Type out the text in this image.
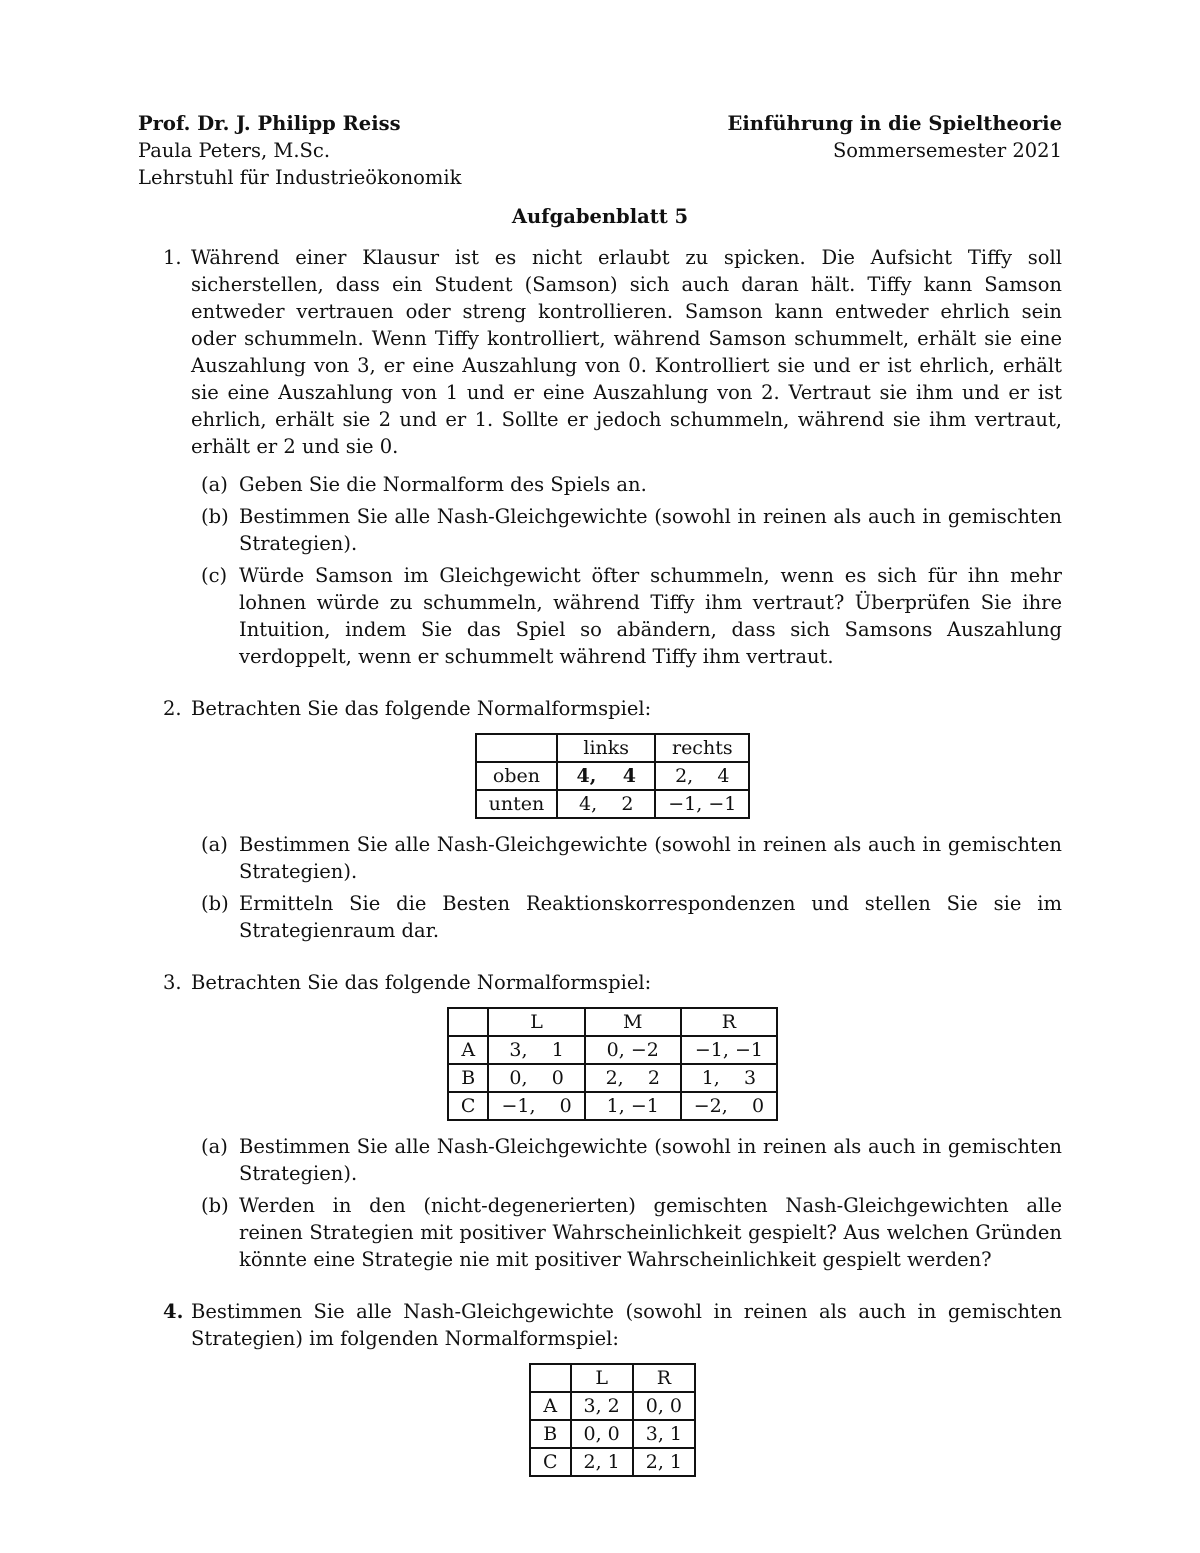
Prof. Dr. J. Philipp Reiss	Einführung in die Spieltheorie
Paula Peters, M.Sc.	Sommersemester 2021
Lehrstuhl für Industrieökonomik
Aufgabenblatt 5
1. Während einer Klausur ist es nicht erlaubt zu spicken. Die Aufsicht Tiffy soll sicherstellen, dass ein Student (Samson) sich auch daran hält. Tiffy kann Samson entweder vertrauen oder streng kontrollieren. Samson kann entweder ehrlich sein oder schummeln. Wenn Tiffy kontrolliert, während Samson schummelt, erhält sie eine Auszahlung von 3, er eine Auszahlung von 0. Kontrolliert sie und er ist ehrlich, erhält sie eine Auszahlung von 1 und er eine Auszahlung von 2. Vertraut sie ihm und er ist ehrlich, erhält sie 2 und er 1. Sollte er jedoch schummeln, während sie ihm vertraut, erhält er 2 und sie 0.
(a) Geben Sie die Normalform des Spiels an.
(b) Bestimmen Sie alle Nash-Gleichgewichte (sowohl in reinen als auch in gemischten Strategien).
(c) Würde Samson im Gleichgewicht öfter schummeln, wenn es sich für ihn mehr lohnen würde zu schummeln, während Tiffy ihm vertraut? Überprüfen Sie ihre Intuition, indem Sie das Spiel so abändern, dass sich Samsons Auszahlung verdoppelt, wenn er schummelt während Tiffy ihm vertraut.
2. Betrachten Sie das folgende Normalformspiel:
	links	rechts
oben	4,    4	2,    4
unten	4,    2	−1, −1
(a) Bestimmen Sie alle Nash-Gleichgewichte (sowohl in reinen als auch in gemischten Strategien).
(b) Ermitteln Sie die Besten Reaktionskorrespondenzen und stellen Sie sie im Strategienraum dar.
3. Betrachten Sie das folgende Normalformspiel:
	L	M	R
A	3,    1	0, −2	−1, −1
B	0,    0	2,    2	1,    3
C	−1,    0	1, −1	−2,    0
(a) Bestimmen Sie alle Nash-Gleichgewichte (sowohl in reinen als auch in gemischten Strategien).
(b) Werden in den (nicht-degenerierten) gemischten Nash-Gleichgewichten alle reinen Strategien mit positiver Wahrscheinlichkeit gespielt? Aus welchen Gründen könnte eine Strategie nie mit positiver Wahrscheinlichkeit gespielt werden?
4. Bestimmen Sie alle Nash-Gleichgewichte (sowohl in reinen als auch in gemischten Strategien) im folgenden Normalformspiel:
	L	R
A	3, 2	0, 0
B	0, 0	3, 1
C	2, 1	2, 1
